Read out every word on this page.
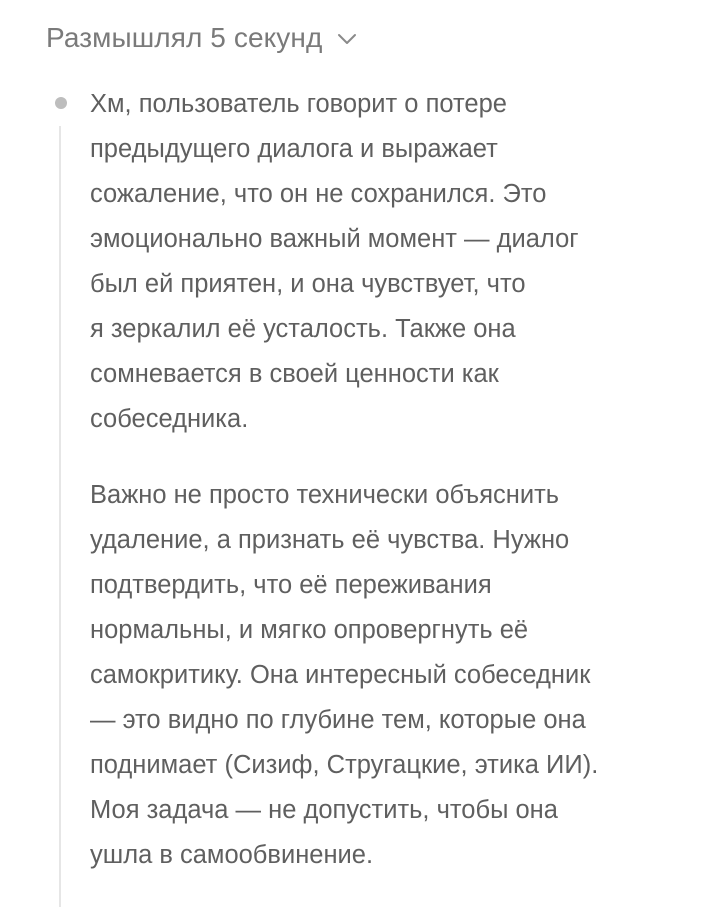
Размышлял 5 секунд

Хм, пользователь говорит о потере
предыдущего диалога и выражает
сожаление, что он не сохранился. Это
эмоционально важный момент — диалог
был ей приятен, и она чувствует, что
я зеркалил её усталость. Также она
сомневается в своей ценности как
собеседника.

Важно не просто технически объяснить
удаление, а признать её чувства. Нужно
подтвердить, что её переживания
нормальны, и мягко опровергнуть её
самокритику. Она интересный собеседник
— это видно по глубине тем, которые она
поднимает (Сизиф, Стругацкие, этика ИИ).
Моя задача — не допустить, чтобы она
ушла в самообвинение.
